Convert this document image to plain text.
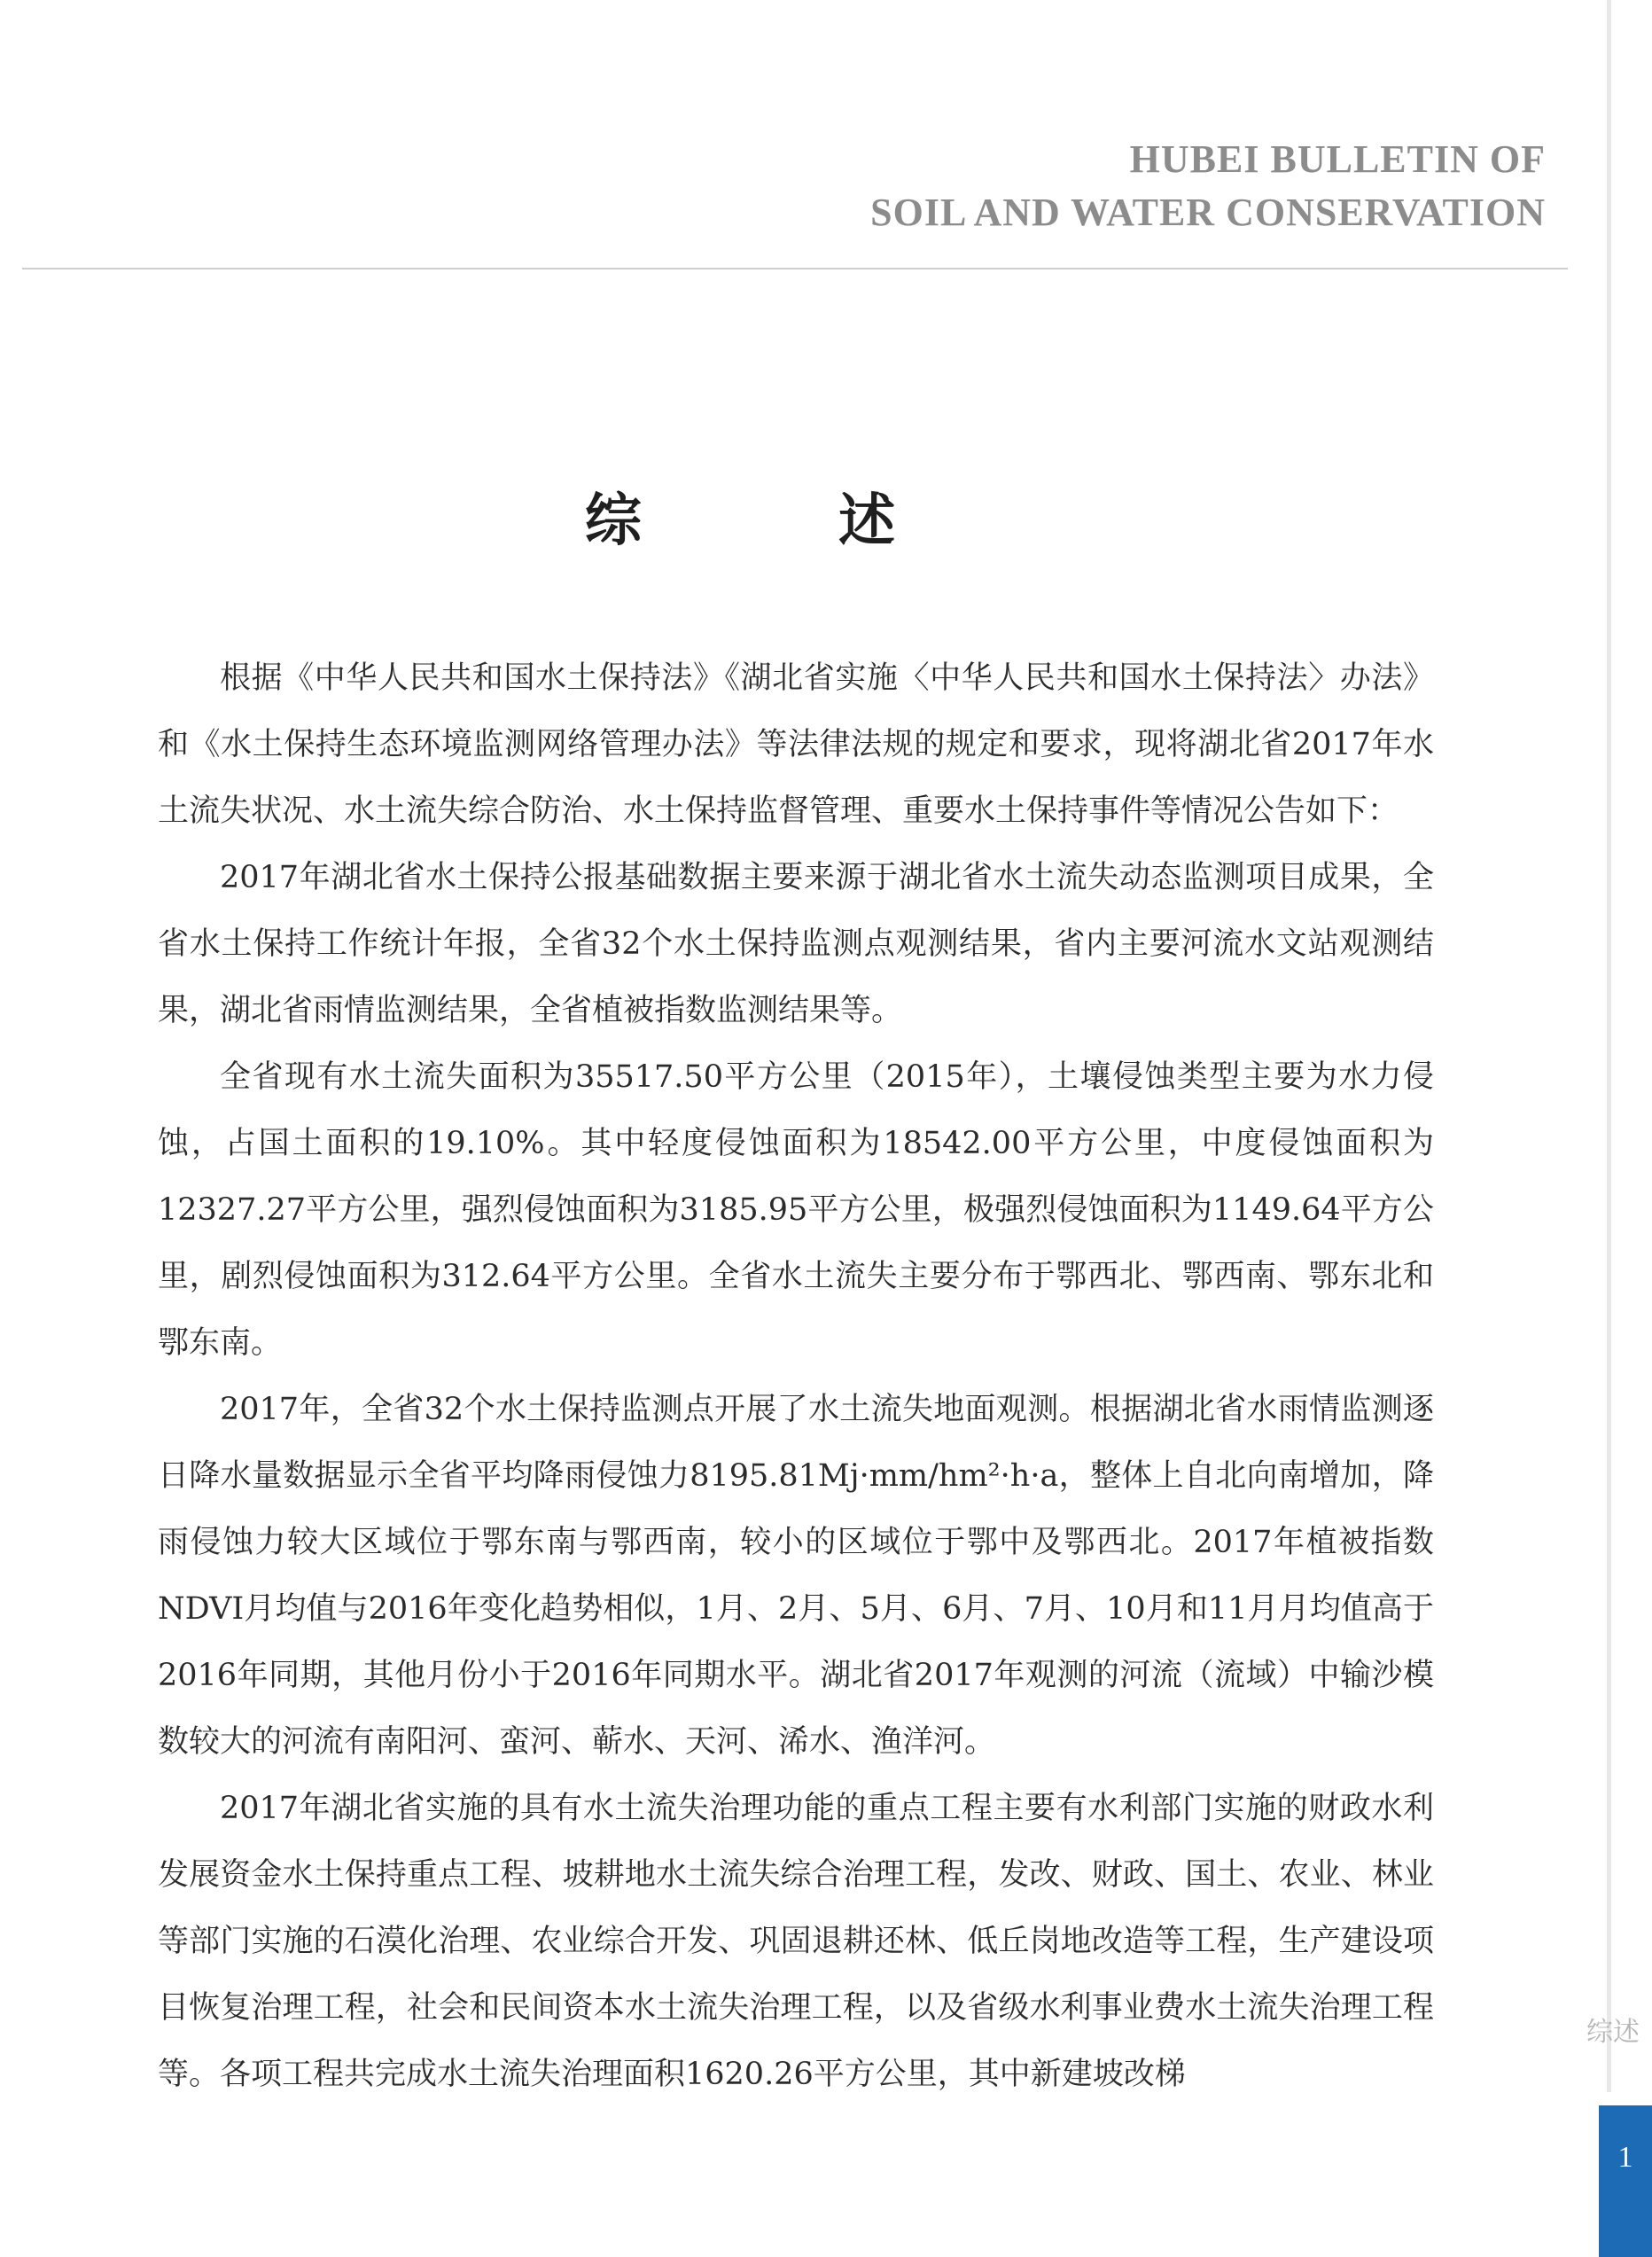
HUBEI BULLETIN OF
SOIL AND WATER CONSERVATION
综 述

根据《中华人民共和国水土保持法》《湖北省实施〈中华人民共和国水土保持法〉办法》和《水土保持生态环境监测网络管理办法》等法律法规的规定和要求，现将湖北省2017年水土流失状况、水土流失综合防治、水土保持监督管理、重要水土保持事件等情况公告如下：

2017年湖北省水土保持公报基础数据主要来源于湖北省水土流失动态监测项目成果，全省水土保持工作统计年报，全省32个水土保持监测点观测结果，省内主要河流水文站观测结果，湖北省雨情监测结果，全省植被指数监测结果等。

全省现有水土流失面积为35517.50平方公里（2015年），土壤侵蚀类型主要为水力侵蚀，占国土面积的19.10%。其中轻度侵蚀面积为18542.00平方公里，中度侵蚀面积为12327.27平方公里，强烈侵蚀面积为3185.95平方公里，极强烈侵蚀面积为1149.64平方公里，剧烈侵蚀面积为312.64平方公里。全省水土流失主要分布于鄂西北、鄂西南、鄂东北和鄂东南。

2017年，全省32个水土保持监测点开展了水土流失地面观测。根据湖北省水雨情监测逐日降水量数据显示全省平均降雨侵蚀力8195.81Mj·mm/hm²·h·a，整体上自北向南增加，降雨侵蚀力较大区域位于鄂东南与鄂西南，较小的区域位于鄂中及鄂西北。2017年植被指数NDVI月均值与2016年变化趋势相似，1月、2月、5月、6月、7月、10月和11月月均值高于2016年同期，其他月份小于2016年同期水平。湖北省2017年观测的河流（流域）中输沙模数较大的河流有南阳河、蛮河、蕲水、天河、浠水、渔洋河。

2017年湖北省实施的具有水土流失治理功能的重点工程主要有水利部门实施的财政水利发展资金水土保持重点工程、坡耕地水土流失综合治理工程，发改、财政、国土、农业、林业等部门实施的石漠化治理、农业综合开发、巩固退耕还林、低丘岗地改造等工程，生产建设项目恢复治理工程，社会和民间资本水土流失治理工程，以及省级水利事业费水土流失治理工程等。各项工程共完成水土流失治理面积1620.26平方公里，其中新建坡改梯

综述
1
